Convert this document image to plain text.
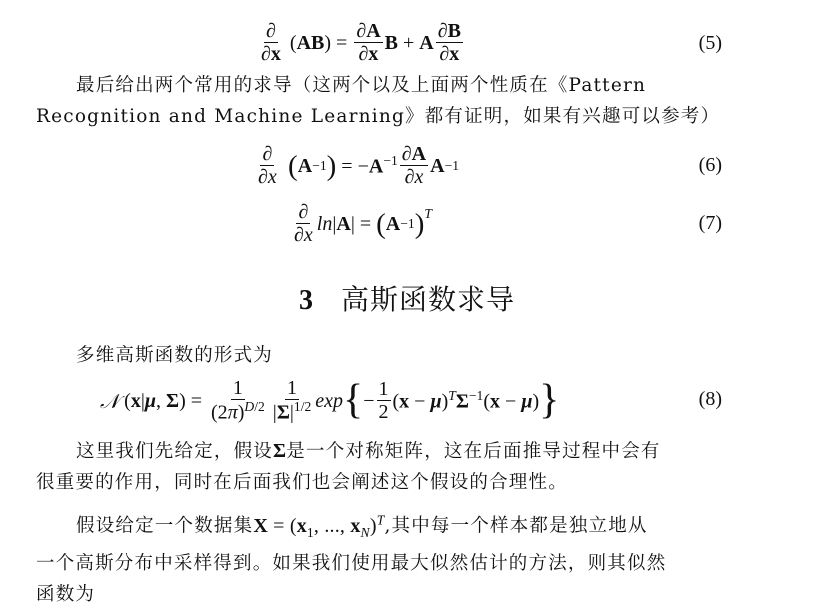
$\frac{\partial}{\partial x} (AB) = \frac{\partial A}{\partial x}$ B + A $\frac{\partial B}{\partial x}$	(5)
最后给出两个常用的求导（这两个以及上面两个性质在《Pattern
Recognition and Machine Learning》都有证明，如果有兴趣可以参考）
$\frac{\partial}{\partial x}$ ( A −1 ) = $-A^{-1} \frac{\partial A}{\partial x}$ A −1	(6)
$\frac{\partial}{\partial x}$ ln |A| = ( A −1 )$^T$	(7)
3 高斯函数求导
多维高斯函数的形式为
𝒩 (x|μ, $\Sigma) = \frac{1}{(2\pi)^{D/2}} \frac{1}{|\Sigma|^{1/2}}$ exp { − $\frac{1}{2} (x - \mu)^T\Sigma^{-1}(x - \mu)$ }	(8)
这里我们先给定，假设Σ是一个对称矩阵，这在后面推导过程中会有
很重要的作用，同时在后面我们也会阐述这个假设的合理性。
假设给定一个数据集$X = (x_1$, ..., $x_N)^T$,其中每一个样本都是独立地从
一个高斯分布中采样得到。如果我们使用最大似然估计的方法，则其似然
函数为
